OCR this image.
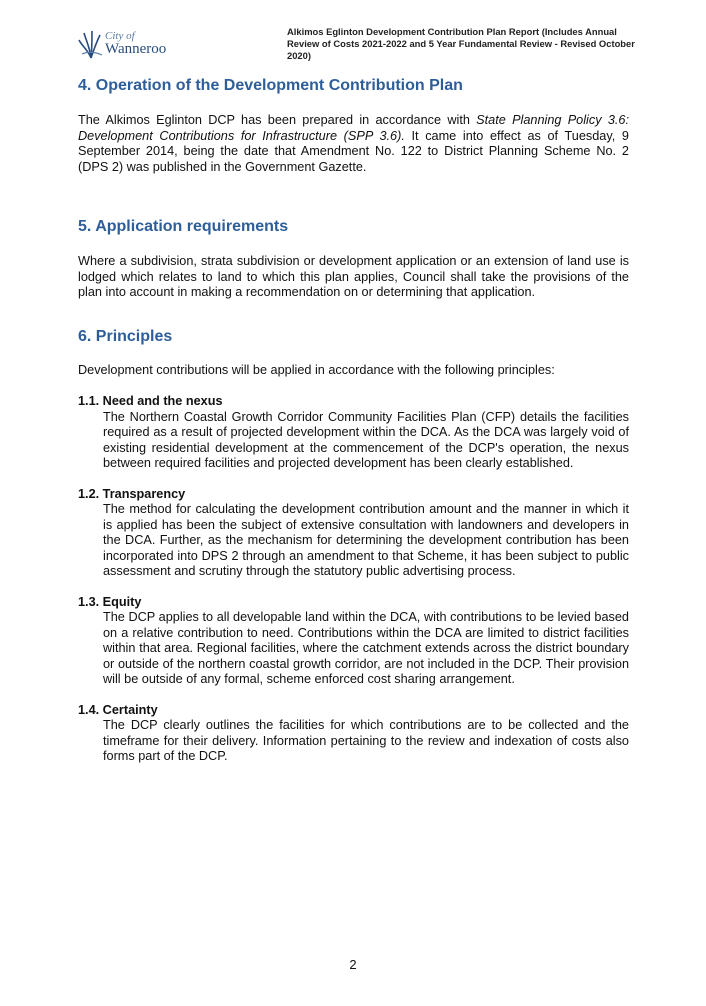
City of
Wanneroo
Alkimos Eglinton Development Contribution Plan Report (Includes Annual Review of Costs 2021-2022 and 5 Year Fundamental Review - Revised October 2020)
4. Operation of the Development Contribution Plan

The Alkimos Eglinton DCP has been prepared in accordance with State Planning Policy 3.6: Development Contributions for Infrastructure (SPP 3.6). It came into effect as of Tuesday, 9 September 2014, being the date that Amendment No. 122 to District Planning Scheme No. 2 (DPS 2) was published in the Government Gazette.

5. Application requirements

Where a subdivision, strata subdivision or development application or an extension of land use is lodged which relates to land to which this plan applies, Council shall take the provisions of the plan into account in making a recommendation on or determining that application.

6. Principles

Development contributions will be applied in accordance with the following principles:

1.1. Need and the nexus

The Northern Coastal Growth Corridor Community Facilities Plan (CFP) details the facilities required as a result of projected development within the DCA. As the DCA was largely void of existing residential development at the commencement of the DCP's operation, the nexus between required facilities and projected development has been clearly established.

1.2. Transparency

The method for calculating the development contribution amount and the manner in which it is applied has been the subject of extensive consultation with landowners and developers in the DCA. Further, as the mechanism for determining the development contribution has been incorporated into DPS 2 through an amendment to that Scheme, it has been subject to public assessment and scrutiny through the statutory public advertising process.

1.3. Equity

The DCP applies to all developable land within the DCA, with contributions to be levied based on a relative contribution to need. Contributions within the DCA are limited to district facilities within that area. Regional facilities, where the catchment extends across the district boundary or outside of the northern coastal growth corridor, are not included in the DCP. Their provision will be outside of any formal, scheme enforced cost sharing arrangement.

1.4. Certainty

The DCP clearly outlines the facilities for which contributions are to be collected and the timeframe for their delivery. Information pertaining to the review and indexation of costs also forms part of the DCP.

2
